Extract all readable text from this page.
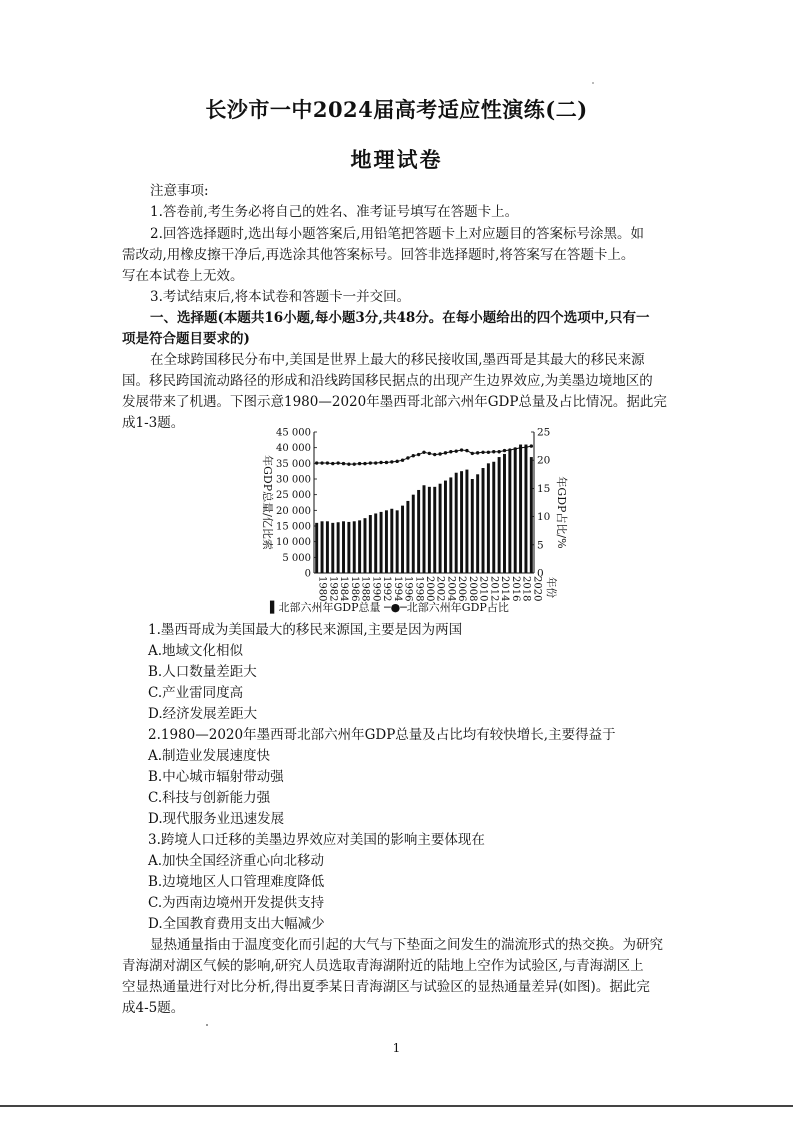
长沙市一中2024届高考适应性演练(二)
地理试卷
注意事项:
1.答卷前,考生务必将自己的姓名、准考证号填写在答题卡上。
2.回答选择题时,选出每小题答案后,用铅笔把答题卡上对应题目的答案标号涂黑。如
需改动,用橡皮擦干净后,再选涂其他答案标号。回答非选择题时,将答案写在答题卡上。
写在本试卷上无效。
3.考试结束后,将本试卷和答题卡一并交回。
一、选择题(本题共16小题,每小题3分,共48分。在每小题给出的四个选项中,只有一
项是符合题目要求的)
在全球跨国移民分布中,美国是世界上最大的移民接收国,墨西哥是其最大的移民来源
国。移民跨国流动路径的形成和沿线跨国移民据点的出现产生边界效应,为美墨边境地区的
发展带来了机遇。下图示意1980—2020年墨西哥北部六州年GDP总量及占比情况。据此完
成1-3题。
0
5 000
10 000
15 000
20 000
25 000
30 000
35 000
40 000
45 000
0
5
10
15
20
25
1980 1982 1984 1986 1988 1990 1992 1994 1996 1998 2000 2002 2004 2006 2008 2010 2012 2014 2016 2018 2020
年GDP总量/亿比索	年GDP占比/%
年份
▌北部六州年GDP总量 ─●─北部六州年GDP占比
1.墨西哥成为美国最大的移民来源国,主要是因为两国
A.地域文化相似
B.人口数量差距大
C.产业雷同度高
D.经济发展差距大
2.1980—2020年墨西哥北部六州年GDP总量及占比均有较快增长,主要得益于
A.制造业发展速度快
B.中心城市辐射带动强
C.科技与创新能力强
D.现代服务业迅速发展
3.跨境人口迁移的美墨边界效应对美国的影响主要体现在
A.加快全国经济重心向北移动
B.边境地区人口管理难度降低
C.为西南边境州开发提供支持
D.全国教育费用支出大幅减少
显热通量指由于温度变化而引起的大气与下垫面之间发生的湍流形式的热交换。为研究
青海湖对湖区气候的影响,研究人员选取青海湖附近的陆地上空作为试验区,与青海湖区上
空显热通量进行对比分析,得出夏季某日青海湖区与试验区的显热通量差异(如图)。据此完
成4-5题。
1
